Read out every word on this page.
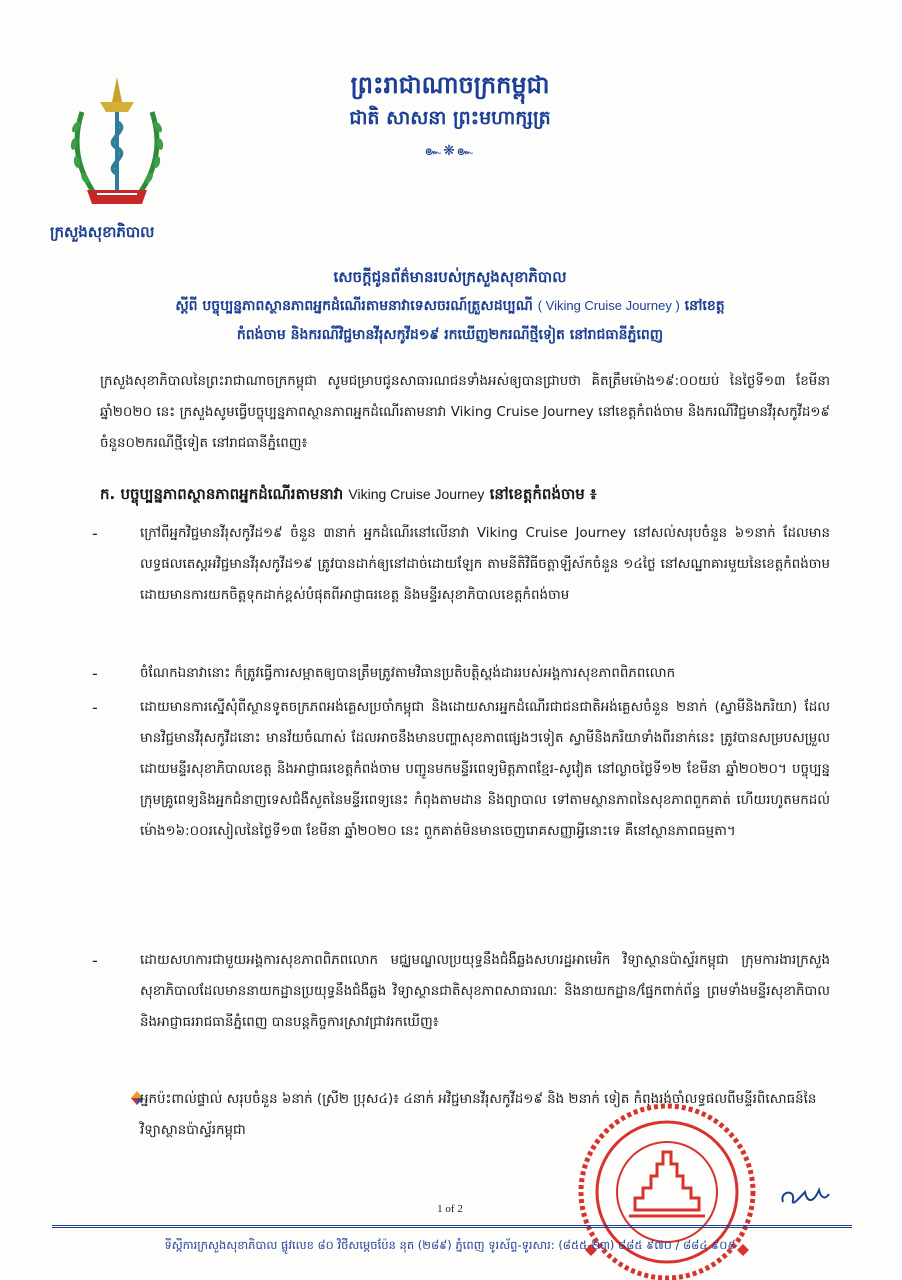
ក្រសួងសុខាភិបាល
ព្រះរាជាណាចក្រកម្ពុជា
ជាតិ សាសនា ព្រះមហាក្សត្រ
๛❋๛
សេចក្តីជូនព័ត៌មានរបស់ក្រសួងសុខាភិបាល
ស្តីពី បច្ចុប្បន្នភាពស្ថានភាពអ្នកដំណើរតាមនាវាទេសចរណ៍ត្រួសដប្បណី ( Viking Cruise Journey ) នៅខេត្ត
កំពង់ចាម និងករណីវិជ្ជមានវីរុសកូវីដ១៩ រកឃើញ២ករណីថ្មីទៀត នៅរាជធានីភ្នំពេញ
ក្រសួងសុខាភិបាលនៃព្រះរាជាណាចក្រកម្ពុជា សូមជម្រាបជូនសាធារណជនទាំងអស់ឲ្យបានជ្រាបថា គិតត្រឹមម៉ោង១៩:០០យប់ នៃថ្ងៃទី១៣ ខែមីនា ឆ្នាំ២០២០ នេះ ក្រសួងសូមធ្វើបច្ចុប្បន្នភាពស្ថានភាពអ្នកដំណើរតាមនាវា Viking Cruise Journey នៅខេត្តកំពង់ចាម និងករណីវិជ្ជមានវីរុសកូវីដ១៩ ចំនួន០២ករណីថ្មីទៀត នៅរាជធានីភ្នំពេញ៖
ក. បច្ចុប្បន្នភាពស្ថានភាពអ្នកដំណើរតាមនាវា Viking Cruise Journey នៅខេត្តកំពង់ចាម ៖
-	ក្រៅពីអ្នកវិជ្ជមានវីរុសកូវីដ១៩ ចំនួន ៣នាក់ អ្នកដំណើរនៅលើនាវា Viking Cruise Journey នៅសល់សរុបចំនួន ៦១នាក់ ដែលមានលទ្ធផលតេស្តអវិជ្ជមានវីរុសកូវីដ១៩ ត្រូវបានដាក់ឲ្យនៅដាច់ដោយឡែក តាមនីតិវិធីចត្តាឡីស័កចំនួន ១៤ថ្ងៃ នៅសណ្ឋាគារមួយនៃខេត្តកំពង់ចាម ដោយមានការយកចិត្តទុកដាក់ខ្ពស់បំផុតពីអាជ្ញាធរខេត្ត និងមន្ទីរសុខាភិបាលខេត្តកំពង់ចាម
-	ចំណែកឯនាវានោះ ក៏ត្រូវធ្វើការសម្អាតឲ្យបានត្រឹមត្រូវតាមវិធានប្រតិបត្តិស្តង់ដាររបស់អង្គការសុខភាពពិភពលោក
-	ដោយមានការស្នើសុំពីស្ថានទូតចក្រភពអង់គ្លេសប្រចាំកម្ពុជា និងដោយសារអ្នកដំណើរជាជនជាតិអង់គ្លេសចំនួន ២នាក់ (ស្វាមីនិងភរិយា) ដែលមានវិជ្ជមានវីរុសកូវីដនោះ មានវ័យចំណាស់ ដែលអាចនឹងមានបញ្ហាសុខភាពផ្សេងៗទៀត ស្វាមីនិងភរិយាទាំងពីរនាក់នេះ ត្រូវបានសម្របសម្រួលដោយមន្ទីរសុខាភិបាលខេត្ត និងអាជ្ញាធរខេត្តកំពង់ចាម បញ្ជូនមកមន្ទីរពេទ្យមិត្តភាពខ្មែរ-សូវៀត នៅល្ងាចថ្ងៃទី១២ ខែមីនា ឆ្នាំ២០២០។ បច្ចុប្បន្នក្រុមគ្រូពេទ្យនិងអ្នកជំនាញទេសជំងឺសួតនៃមន្ទីរពេទ្យនេះ កំពុងតាមដាន និងព្យាបាល ទៅតាមស្ថានភាពនៃសុខភាពពួកគាត់ ហើយរហូតមកដល់ម៉ោង១៦:០០រសៀលនៃថ្ងៃទី១៣ ខែមីនា ឆ្នាំ២០២០ នេះ ពួកគាត់មិនមានចេញរោគសញ្ញាអ្វីនោះទេ គឺនៅស្ថានភាពធម្មតា។
-	ដោយសហការជាមួយអង្គការសុខភាពពិភពលោក មជ្ឈមណ្ឌលប្រយុទ្ធនឹងជំងឺឆ្លងសហរដ្ឋអាមេរិក វិទ្យាស្ថានប៉ាស្ទ័រកម្ពុជា ក្រុមការងារក្រសួងសុខាភិបាលដែលមាននាយកដ្ឋានប្រយុទ្ធនឹងជំងឺឆ្លង វិទ្យាស្ថានជាតិសុខភាពសាធារណៈ និងនាយកដ្ឋាន/ផ្នែកពាក់ព័ន្ធ ព្រមទាំងមន្ទីរសុខាភិបាលនិងអាជ្ញាធររាជធានីភ្នំពេញ បានបន្តកិច្ចការស្រាវជ្រាវរកឃើញ៖
អ្នកប៉ះពាល់ផ្ទាល់ សរុបចំនួន ៦នាក់ (ស្រី២ ប្រុស៤)៖ ៤នាក់ អវិជ្ជមានវីរុសកូវីដ១៩ និង ២នាក់ ទៀត កំពុងរង់ចាំលទ្ធផលពីមន្ទីរពិសោធន៍នៃវិទ្យាស្ថានប៉ាស្ទ័រកម្ពុជា
1 of 2
ទីស្តីការក្រសួងសុខាភិបាល ផ្លូវលេខ ៨០ វិថីសម្តេចប៉ែន នុត (២៨៩) ភ្នំពេញ ទូរស័ព្ទ-ទូរសារ: (៨៥៥-២៣) ៨៨៥ ៩៧០ / ៨៨៤ ៩០៩
